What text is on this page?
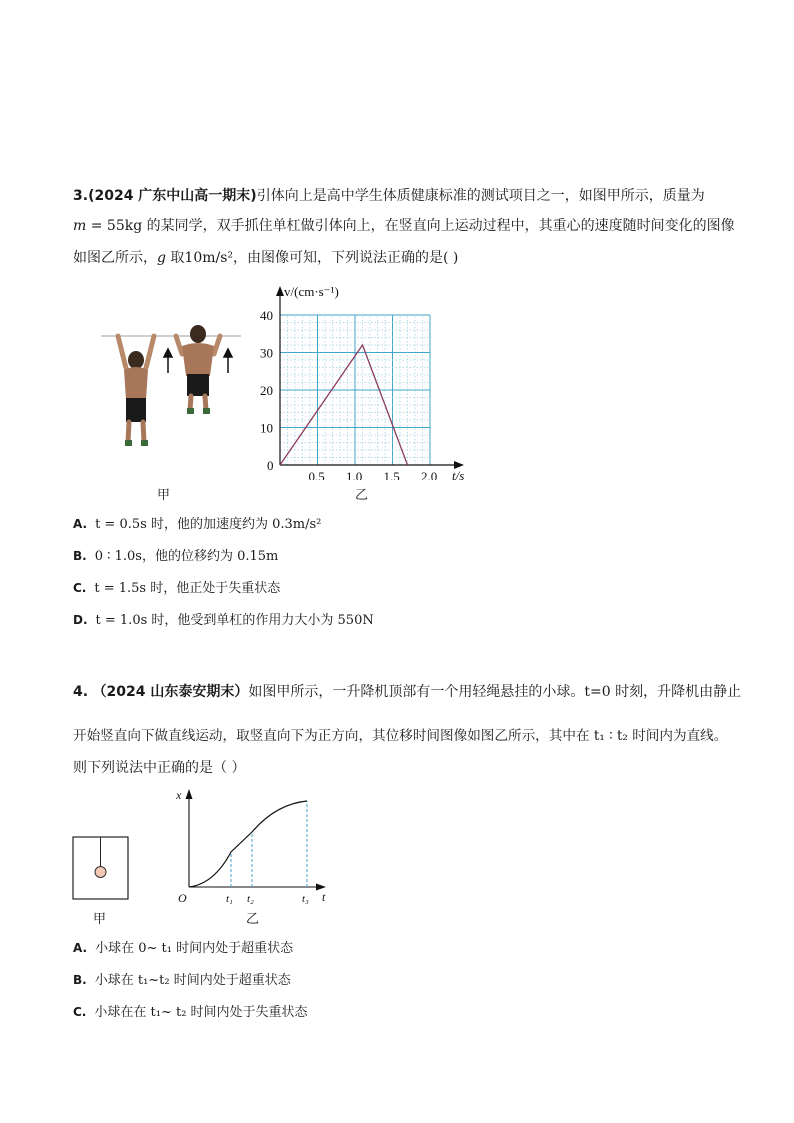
3.(2024 广东中山高一期末)引体向上是高中学生体质健康标准的测试项目之一，如图甲所示，质量为
m = 55kg 的某同学，双手抓住单杠做引体向上，在竖直向上运动过程中，其重心的速度随时间变化的图像
如图乙所示，g 取10m/s²，由图像可知，下列说法正确的是( )
甲
10
20
30
40
0.5 1.0 1.5 2.0
v/(cm·s⁻¹)
t/s
0
乙
A. t = 0.5s 时，他的加速度约为 0.3m/s²
B. 0 ∶ 1.0s，他的位移约为 0.15m
C. t = 1.5s 时，他正处于失重状态
D. t = 1.0s 时，他受到单杠的作用力大小为 550N
4. （2024 山东泰安期末）如图甲所示，一升降机顶部有一个用轻绳悬挂的小球。t=0 时刻，升降机由静止
开始竖直向下做直线运动，取竖直向下为正方向，其位移时间图像如图乙所示，其中在 t₁ ∶ t₂ 时间内为直线。
则下列说法中正确的是（ ）
甲
x
t
O	t₁ t₂	t₃
乙
A. 小球在 0~ t₁ 时间内处于超重状态
B. 小球在 t₁~t₂ 时间内处于超重状态
C. 小球在在 t₁~ t₂ 时间内处于失重状态
